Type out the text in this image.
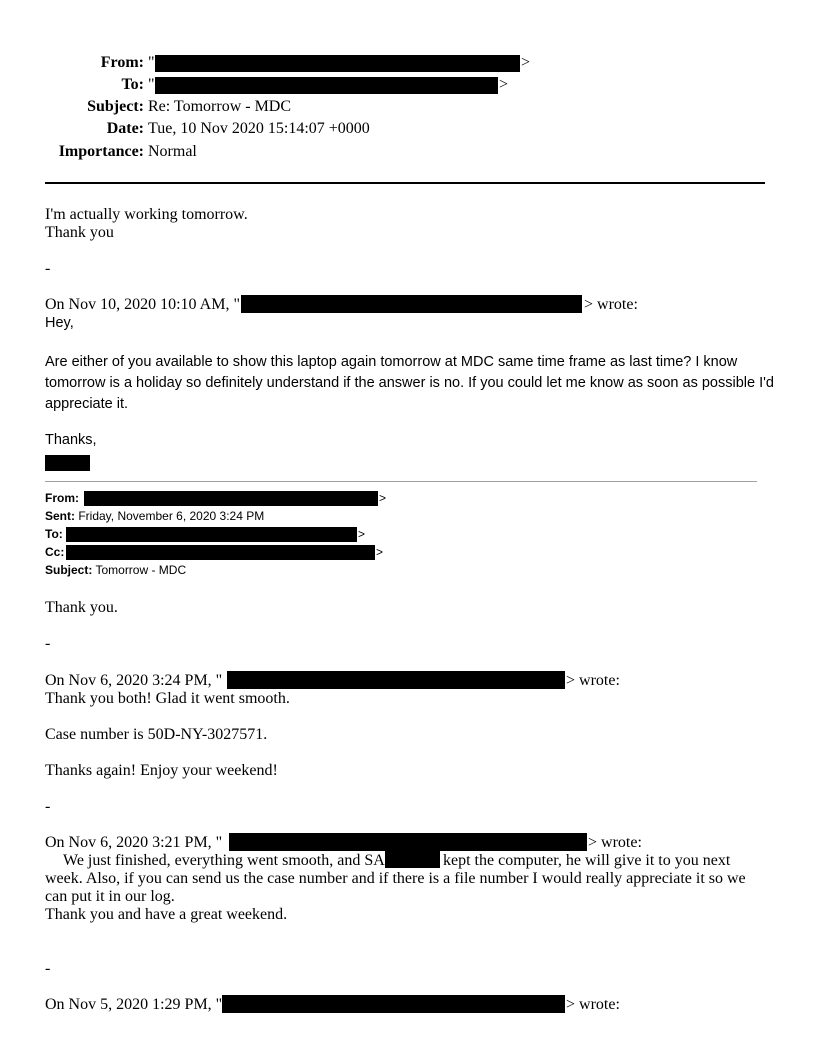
From: "	>
To: "	>
Subject: Re: Tomorrow - MDC
Date: Tue, 10 Nov 2020 15:14:07 +0000
Importance: Normal
I'm actually working tomorrow.
Thank you
-
On Nov 10, 2020 10:10 AM, "	> wrote:
Hey,
Are either of you available to show this laptop again tomorrow at MDC same time frame as last time? I know tomorrow is a holiday so definitely understand if the answer is no. If you could let me know as soon as possible I'd appreciate it.
Thanks,
From:	>
Sent: Friday, November 6, 2020 3:24 PM
To:	>
Cc:	>
Subject: Tomorrow - MDC
Thank you.
-
On Nov 6, 2020 3:24 PM, "	> wrote:
Thank you both! Glad it went smooth.
Case number is 50D-NY-3027571.
Thanks again! Enjoy your weekend!
-
On Nov 6, 2020 3:21 PM, "	> wrote:
We just finished, everything went smooth, and SA	kept the computer, he will give it to you next
week. Also, if you can send us the case number and if there is a file number I would really appreciate it so we
can put it in our log.
Thank you and have a great weekend.
-
On Nov 5, 2020 1:29 PM, "	> wrote:
